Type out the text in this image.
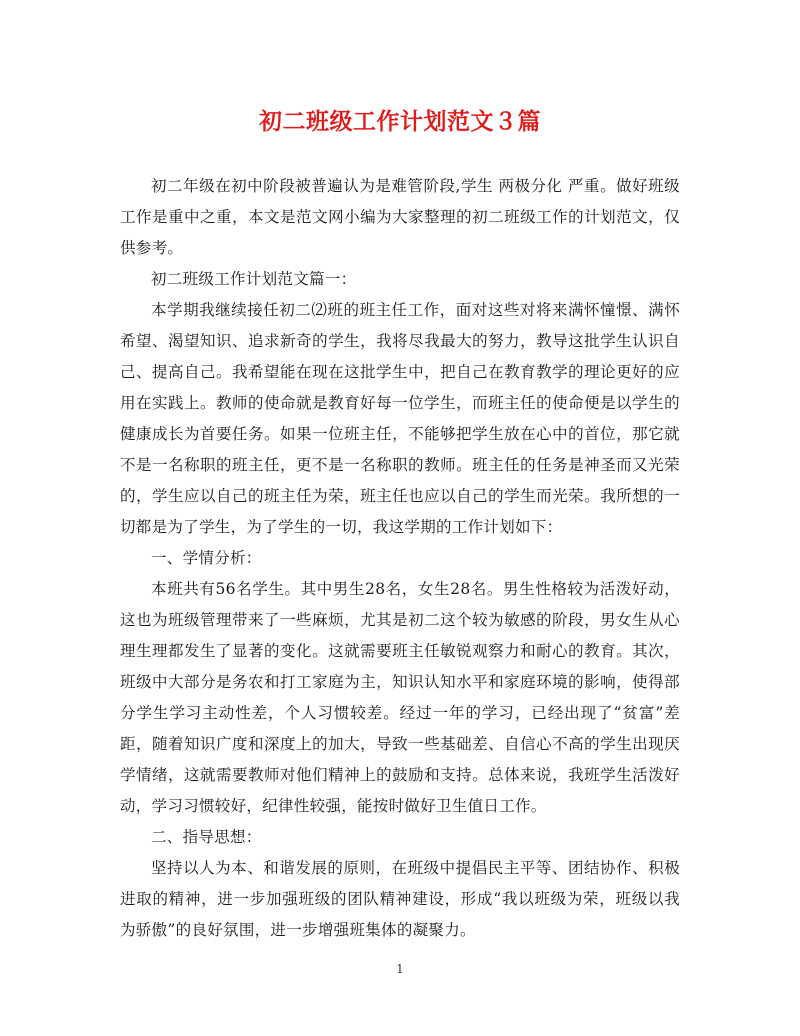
初二班级工作计划范文３篇

初二年级在初中阶段被普遍认为是难管阶段,学生 两极分化 严重。做好班级工作是重中之重，本文是范文网小编为大家整理的初二班级工作的计划范文，仅供参考。

初二班级工作计划范文篇一：

本学期我继续接任初二⑵班的班主任工作，面对这些对将来满怀憧憬、满怀希望、渴望知识、追求新奇的学生，我将尽我最大的努力，教导这批学生认识自己、提高自己。我希望能在现在这批学生中，把自己在教育教学的理论更好的应用在实践上。教师的使命就是教育好每一位学生，而班主任的使命便是以学生的健康成长为首要任务。如果一位班主任，不能够把学生放在心中的首位，那它就不是一名称职的班主任，更不是一名称职的教师。班主任的任务是神圣而又光荣的，学生应以自己的班主任为荣，班主任也应以自己的学生而光荣。我所想的一切都是为了学生，为了学生的一切，我这学期的工作计划如下：

一、学情分析：

本班共有56名学生。其中男生28名，女生28名。男生性格较为活泼好动，这也为班级管理带来了一些麻烦，尤其是初二这个较为敏感的阶段，男女生从心理生理都发生了显著的变化。这就需要班主任敏锐观察力和耐心的教育。其次，班级中大部分是务农和打工家庭为主，知识认知水平和家庭环境的影响，使得部分学生学习主动性差，个人习惯较差。经过一年的学习，已经出现了“贫富”差距，随着知识广度和深度上的加大，导致一些基础差、自信心不高的学生出现厌学情绪，这就需要教师对他们精神上的鼓励和支持。总体来说，我班学生活泼好动，学习习惯较好，纪律性较强，能按时做好卫生值日工作。

二、指导思想：

坚持以人为本、和谐发展的原则，在班级中提倡民主平等、团结协作、积极进取的精神，进一步加强班级的团队精神建设，形成“我以班级为荣，班级以我为骄傲”的良好氛围，进一步增强班集体的凝聚力。

1
